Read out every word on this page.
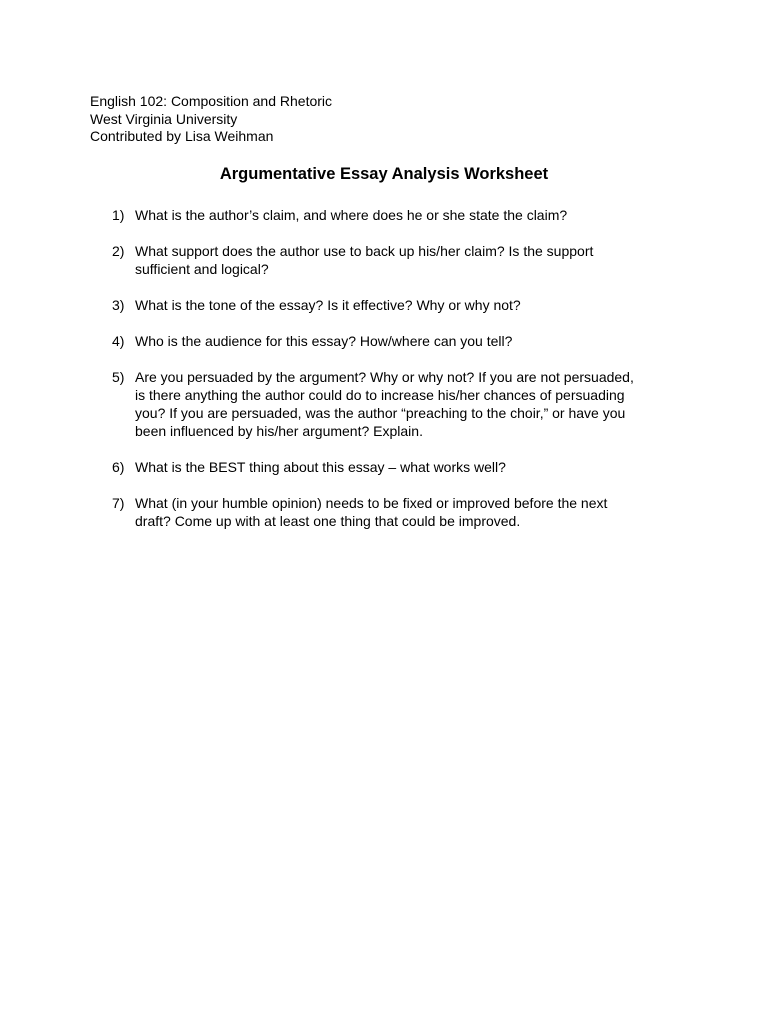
English 102: Composition and Rhetoric
West Virginia University
Contributed by Lisa Weihman
Argumentative Essay Analysis Worksheet
1) What is the author’s claim, and where does he or she state the claim?
2) What support does the author use to back up his/her claim? Is the support
sufficient and logical?
3) What is the tone of the essay? Is it effective? Why or why not?
4) Who is the audience for this essay? How/where can you tell?
5) Are you persuaded by the argument? Why or why not? If you are not persuaded,
is there anything the author could do to increase his/her chances of persuading
you? If you are persuaded, was the author “preaching to the choir,” or have you
been influenced by his/her argument? Explain.
6) What is the BEST thing about this essay – what works well?
7) What (in your humble opinion) needs to be fixed or improved before the next
draft? Come up with at least one thing that could be improved.
